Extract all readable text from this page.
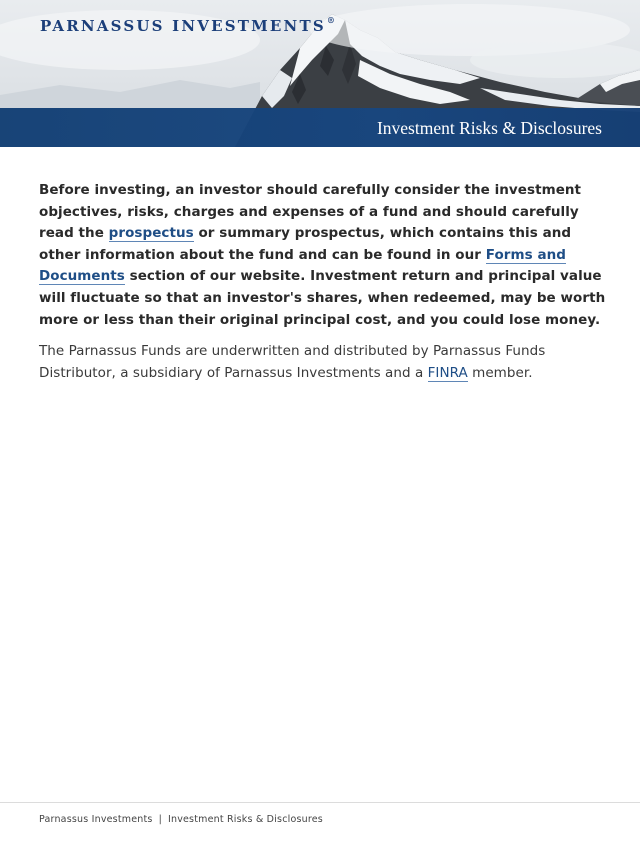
PARNASSUS INVESTMENTS®
Investment Risks & Disclosures

Before investing, an investor should carefully consider the investment objectives, risks, charges and expenses of a fund and should carefully read the prospectus or summary prospectus, which contains this and other information about the fund and can be found in our Forms and Documents section of our website. Investment return and principal value will fluctuate so that an investor's shares, when redeemed, may be worth more or less than their original principal cost, and you could lose money.

The Parnassus Funds are underwritten and distributed by Parnassus Funds Distributor, a subsidiary of Parnassus Investments and a FINRA member.

Parnassus Investments | Investment Risks & Disclosures
